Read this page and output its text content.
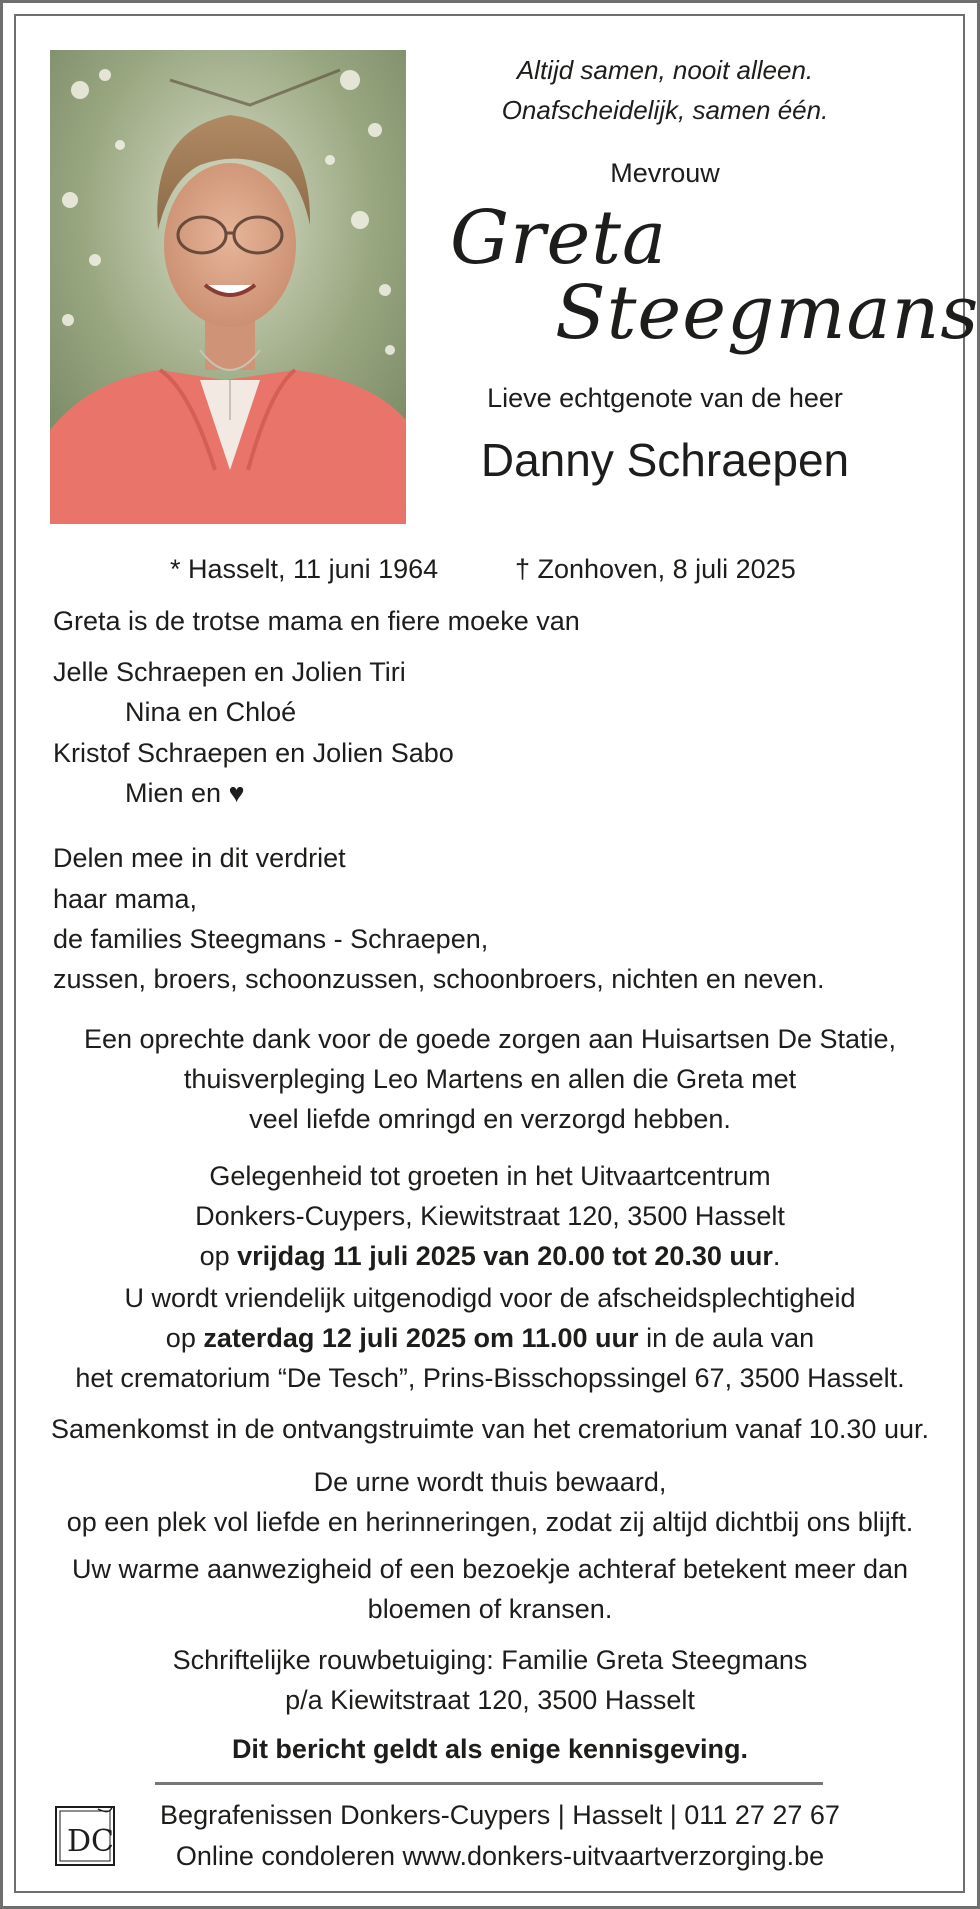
Altijd samen, nooit alleen.
Onafscheidelijk, samen één.
Mevrouw
Greta
Steegmans
Lieve echtgenote van de heer
Danny Schraepen
* Hasselt, 11 juni 1964	† Zonhoven, 8 juli 2025
Greta is de trotse mama en fiere moeke van
Jelle Schraepen en Jolien Tiri
Nina en Chloé
Kristof Schraepen en Jolien Sabo
Mien en ♥
Delen mee in dit verdriet
haar mama,
de families Steegmans - Schraepen,
zussen, broers, schoonzussen, schoonbroers, nichten en neven.
Een oprechte dank voor de goede zorgen aan Huisartsen De Statie,
thuisverpleging Leo Martens en allen die Greta met
veel liefde omringd en verzorgd hebben.
Gelegenheid tot groeten in het Uitvaartcentrum
Donkers-Cuypers, Kiewitstraat 120, 3500 Hasselt
op vrijdag 11 juli 2025 van 20.00 tot 20.30 uur.
U wordt vriendelijk uitgenodigd voor de afscheidsplechtigheid
op zaterdag 12 juli 2025 om 11.00 uur in de aula van
het crematorium “De Tesch”, Prins-Bisschopssingel 67, 3500 Hasselt.
Samenkomst in de ontvangstruimte van het crematorium vanaf 10.30 uur.
De urne wordt thuis bewaard,
op een plek vol liefde en herinneringen, zodat zij altijd dichtbij ons blijft.
Uw warme aanwezigheid of een bezoekje achteraf betekent meer dan
bloemen of kransen.
Schriftelijke rouwbetuiging: Familie Greta Steegmans
p/a Kiewitstraat 120, 3500 Hasselt
Dit bericht geldt als enige kennisgeving.
DC
Begrafenissen Donkers-Cuypers | Hasselt | 011 27 27 67
Online condoleren www.donkers-uitvaartverzorging.be
